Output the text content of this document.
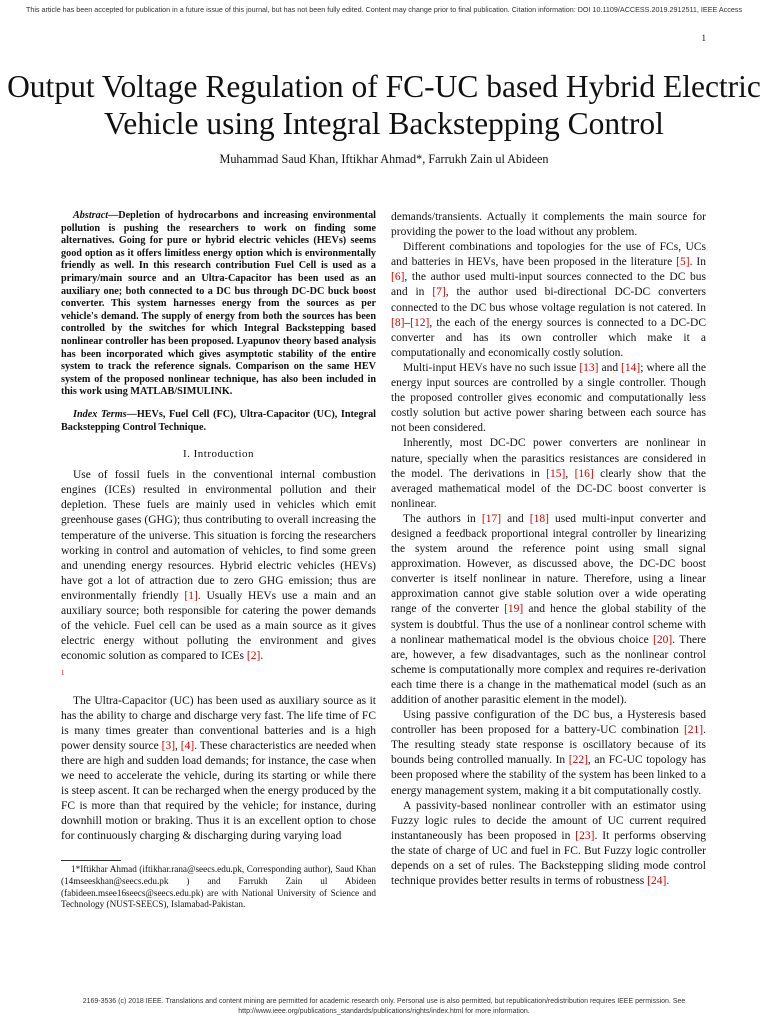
This article has been accepted for publication in a future issue of this journal, but has not been fully edited. Content may change prior to final publication. Citation information: DOI 10.1109/ACCESS.2019.2912511, IEEE Access
1
Output Voltage Regulation of FC-UC based Hybrid Electric Vehicle using Integral Backstepping Control
Muhammad Saud Khan, Iftikhar Ahmad*, Farrukh Zain ul Abideen

Abstract—Depletion of hydrocarbons and increasing environmental pollution is pushing the researchers to work on finding some alternatives. Going for pure or hybrid electric vehicles (HEVs) seems good option as it offers limitless energy option which is environmentally friendly as well. In this research contribution Fuel Cell is used as a primary/main source and an Ultra-Capacitor has been used as an auxiliary one; both connected to a DC bus through DC-DC buck boost converter. This system harnesses energy from the sources as per vehicle's demand. The supply of energy from both the sources has been controlled by the switches for which Integral Backstepping based nonlinear controller has been proposed. Lyapunov theory based analysis has been incorporated which gives asymptotic stability of the entire system to track the reference signals. Comparison on the same HEV system of the proposed nonlinear technique, has also been included in this work using MATLAB/SIMULINK.

Index Terms—HEVs, Fuel Cell (FC), Ultra-Capacitor (UC), Integral Backstepping Control Technique.

I. Introduction

Use of fossil fuels in the conventional internal combustion engines (ICEs) resulted in environmental pollution and their depletion. These fuels are mainly used in vehicles which emit greenhouse gases (GHG); thus contributing to overall increasing the temperature of the universe. This situation is forcing the researchers working in control and automation of vehicles, to find some green and unending energy resources. Hybrid electric vehicles (HEVs) have got a lot of attraction due to zero GHG emission; thus are environmentally friendly [1]. Usually HEVs use a main and an auxiliary source; both responsible for catering the power demands of the vehicle. Fuel cell can be used as a main source as it gives electric energy without polluting the environment and gives economic solution as compared to ICEs [2].

1

The Ultra-Capacitor (UC) has been used as auxiliary source as it has the ability to charge and discharge very fast. The life time of FC is many times greater than conventional batteries and is a high power density source [3], [4]. These characteristics are needed when there are high and sudden load demands; for instance, the case when we need to accelerate the vehicle, during its starting or while there is steep ascent. It can be recharged when the energy produced by the FC is more than that required by the vehicle; for instance, during downhill motion or braking. Thus it is an excellent option to chose for continuously charging & discharging during varying load

1*Iftikhar Ahmad (iftikhar.rana@seecs.edu.pk, Corresponding author), Saud Khan (14mseeskhan@seecs.edu.pk ) and Farrukh Zain ul Abideen (fabideen.msee16seecs@seecs.edu.pk) are with National University of Science and Technology (NUST-SEECS), Islamabad-Pakistan.

demands/transients. Actually it complements the main source for providing the power to the load without any problem.

Different combinations and topologies for the use of FCs, UCs and batteries in HEVs, have been proposed in the literature [5]. In [6], the author used multi-input sources connected to the DC bus and in [7], the author used bi-directional DC-DC converters connected to the DC bus whose voltage regulation is not catered. In [8]–[12], the each of the energy sources is connected to a DC-DC converter and has its own controller which make it a computationally and economically costly solution.

Multi-input HEVs have no such issue [13] and [14]; where all the energy input sources are controlled by a single controller. Though the proposed controller gives economic and computationally less costly solution but active power sharing between each source has not been considered.

Inherently, most DC-DC power converters are nonlinear in nature, specially when the parasitics resistances are considered in the model. The derivations in [15], [16] clearly show that the averaged mathematical model of the DC-DC boost converter is nonlinear.

The authors in [17] and [18] used multi-input converter and designed a feedback proportional integral controller by linearizing the system around the reference point using small signal approximation. However, as discussed above, the DC-DC boost converter is itself nonlinear in nature. Therefore, using a linear approximation cannot give stable solution over a wide operating range of the converter [19] and hence the global stability of the system is doubtful. Thus the use of a nonlinear control scheme with a nonlinear mathematical model is the obvious choice [20]. There are, however, a few disadvantages, such as the nonlinear control scheme is computationally more complex and requires re-derivation each time there is a change in the mathematical model (such as an addition of another parasitic element in the model).

Using passive configuration of the DC bus, a Hysteresis based controller has been proposed for a battery-UC combination [21]. The resulting steady state response is oscillatory because of its bounds being controlled manually. In [22], an FC-UC topology has been proposed where the stability of the system has been linked to a energy management system, making it a bit computationally costly.

A passivity-based nonlinear controller with an estimator using Fuzzy logic rules to decide the amount of UC current required instantaneously has been proposed in [23]. It performs observing the state of charge of UC and fuel in FC. But Fuzzy logic controller depends on a set of rules. The Backstepping sliding mode control technique provides better results in terms of robustness [24].

2169-3536 (c) 2018 IEEE. Translations and content mining are permitted for academic research only. Personal use is also permitted, but republication/redistribution requires IEEE permission. See
http://www.ieee.org/publications_standards/publications/rights/index.html for more information.
